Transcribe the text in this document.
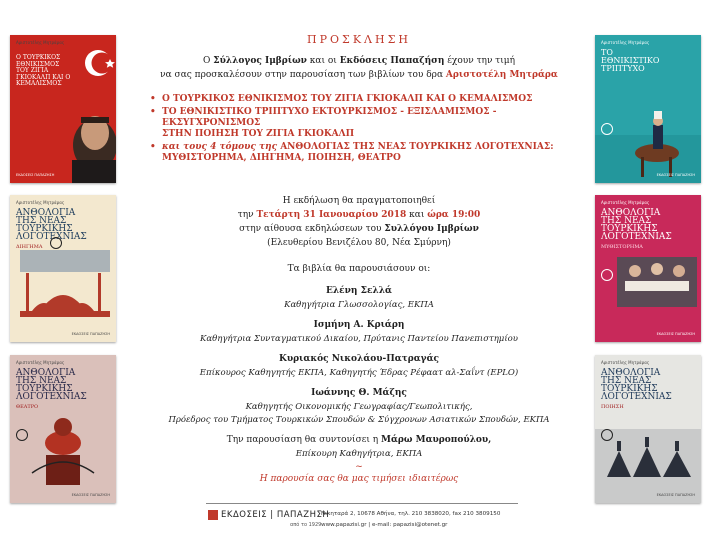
Αριστοτέλης Μητράρας
Ο ΤΟΥΡΚΙΚΟΣ ΕΘΝΙΚΙΣΜΟΣ ΤΟΥ ΖΙΓΙΑ ΓΚΙΟΚΑΛΠ ΚΑΙ Ο ΚΕΜΑΛΙΣΜΟΣ
ΕΚΔΟΣΕΙΣ ΠΑΠΑΖΗΣΗ
Αριστοτέλης Μητράρας
ΑΝΘΟΛΟΓΙΑ ΤΗΣ ΝΕΑΣ ΤΟΥΡΚΙΚΗΣ ΛΟΓΟΤΕΧΝΙΑΣ
ΔΙΗΓΗΜΑ
ΕΚΔΟΣΕΙΣ ΠΑΠΑΖΗΣΗ
Αριστοτέλης Μητράρας
ΑΝΘΟΛΟΓΙΑ ΤΗΣ ΝΕΑΣ ΤΟΥΡΚΙΚΗΣ ΛΟΓΟΤΕΧΝΙΑΣ
ΘΕΑΤΡΟ
ΕΚΔΟΣΕΙΣ ΠΑΠΑΖΗΣΗ
Αριστοτέλης Μητράρας
ΤΟ ΕΘΝΙΚΙΣΤΙΚΟ ΤΡΙΠΤΥΧΟ
ΕΚΔΟΣΕΙΣ ΠΑΠΑΖΗΣΗ
Αριστοτέλης Μητράρας
ΑΝΘΟΛΟΓΙΑ ΤΗΣ ΝΕΑΣ ΤΟΥΡΚΙΚΗΣ ΛΟΓΟΤΕΧΝΙΑΣ
ΜΥΘΙΣΤΟΡΗΜΑ
ΕΚΔΟΣΕΙΣ ΠΑΠΑΖΗΣΗ
Αριστοτέλης Μητράρας
ΑΝΘΟΛΟΓΙΑ ΤΗΣ ΝΕΑΣ ΤΟΥΡΚΙΚΗΣ ΛΟΓΟΤΕΧΝΙΑΣ
ΠΟΙΗΣΗ
ΕΚΔΟΣΕΙΣ ΠΑΠΑΖΗΣΗ
ΠΡΟΣΚΛΗΣΗ
Ο Σύλλογος Ιμβρίων και οι Εκδόσεις Παπαζήση έχουν την τιμή
να σας προσκαλέσουν στην παρουσίαση των βιβλίων του δρα Αριστοτέλη Μητράρα
Η εκδήλωση θα πραγματοποιηθεί
την Τετάρτη 31 Ιανουαρίου 2018 και ώρα 19:00
στην αίθουσα εκδηλώσεων του Συλλόγου Ιμβρίων
(Ελευθερίου Βενιζέλου 80, Νέα Σμύρνη)
Τα βιβλία θα παρουσιάσουν οι:
Ελένη Σελλά
Καθηγήτρια Γλωσσολογίας, ΕΚΠΑ
Ισμήνη Α. Κριάρη
Καθηγήτρια Συνταγματικού Δικαίου, Πρύτανις Παντείου Πανεπιστημίου
Κυριακός Νικολάου-Πατραγάς
Επίκουρος Καθηγητής ΕΚΠΑ, Καθηγητής Έδρας Ρέφαατ αλ-Σαΐντ (EPLO)
Ιωάννης Θ. Μάζης
Καθηγητής Οικονομικής Γεωγραφίας/Γεωπολιτικής,
Πρόεδρος του Τμήματος Τουρκικών Σπουδών & Σύγχρονων Ασιατικών Σπουδών, ΕΚΠΑ
Την παρουσίαση θα συντονίσει η Μάρω Μαυροπούλου,
Επίκουρη Καθηγήτρια, ΕΚΠΑ
~
Η παρουσία σας θα μας τιμήσει ιδιαιτέρως
• Ο ΤΟΥΡΚΙΚΟΣ ΕΘΝΙΚΙΣΜΟΣ ΤΟΥ ΖΙΓΙΑ ΓΚΙΟΚΑΛΠ ΚΑΙ Ο ΚΕΜΑΛΙΣΜΟΣ
• ΤΟ ΕΘΝΙΚΙΣΤΙΚΟ ΤΡΙΠΤΥΧΟ ΕΚΤΟΥΡΚΙΣΜΟΣ - ΕΞΙΣΛΑΜΙΣΜΟΣ -
ΕΚΣΥΓΧΡΟΝΙΣΜΟΣ
ΣΤΗΝ ΠΟΙΗΣΗ ΤΟΥ ΖΙΓΙΑ ΓΚΙΟΚΑΛΠ
• και τους 4 τόμους της ΑΝΘΟΛΟΓΙΑΣ ΤΗΣ ΝΕΑΣ ΤΟΥΡΚΙΚΗΣ ΛΟΓΟΤΕΧΝΙΑΣ:
ΜΥΘΙΣΤΟΡΗΜΑ, ΔΙΗΓΗΜΑ, ΠΟΙΗΣΗ, ΘΕΑΤΡΟ
ΕΚΔΟΣΕΙΣ | ΠΑΠΑΖΗΣΗ
από το 1929
Νικηταρά 2, 10678 Αθήνα, τηλ. 210 3838020, fax 210 3809150
www.papazisi.gr | e-mail: papazisi@otenet.gr
